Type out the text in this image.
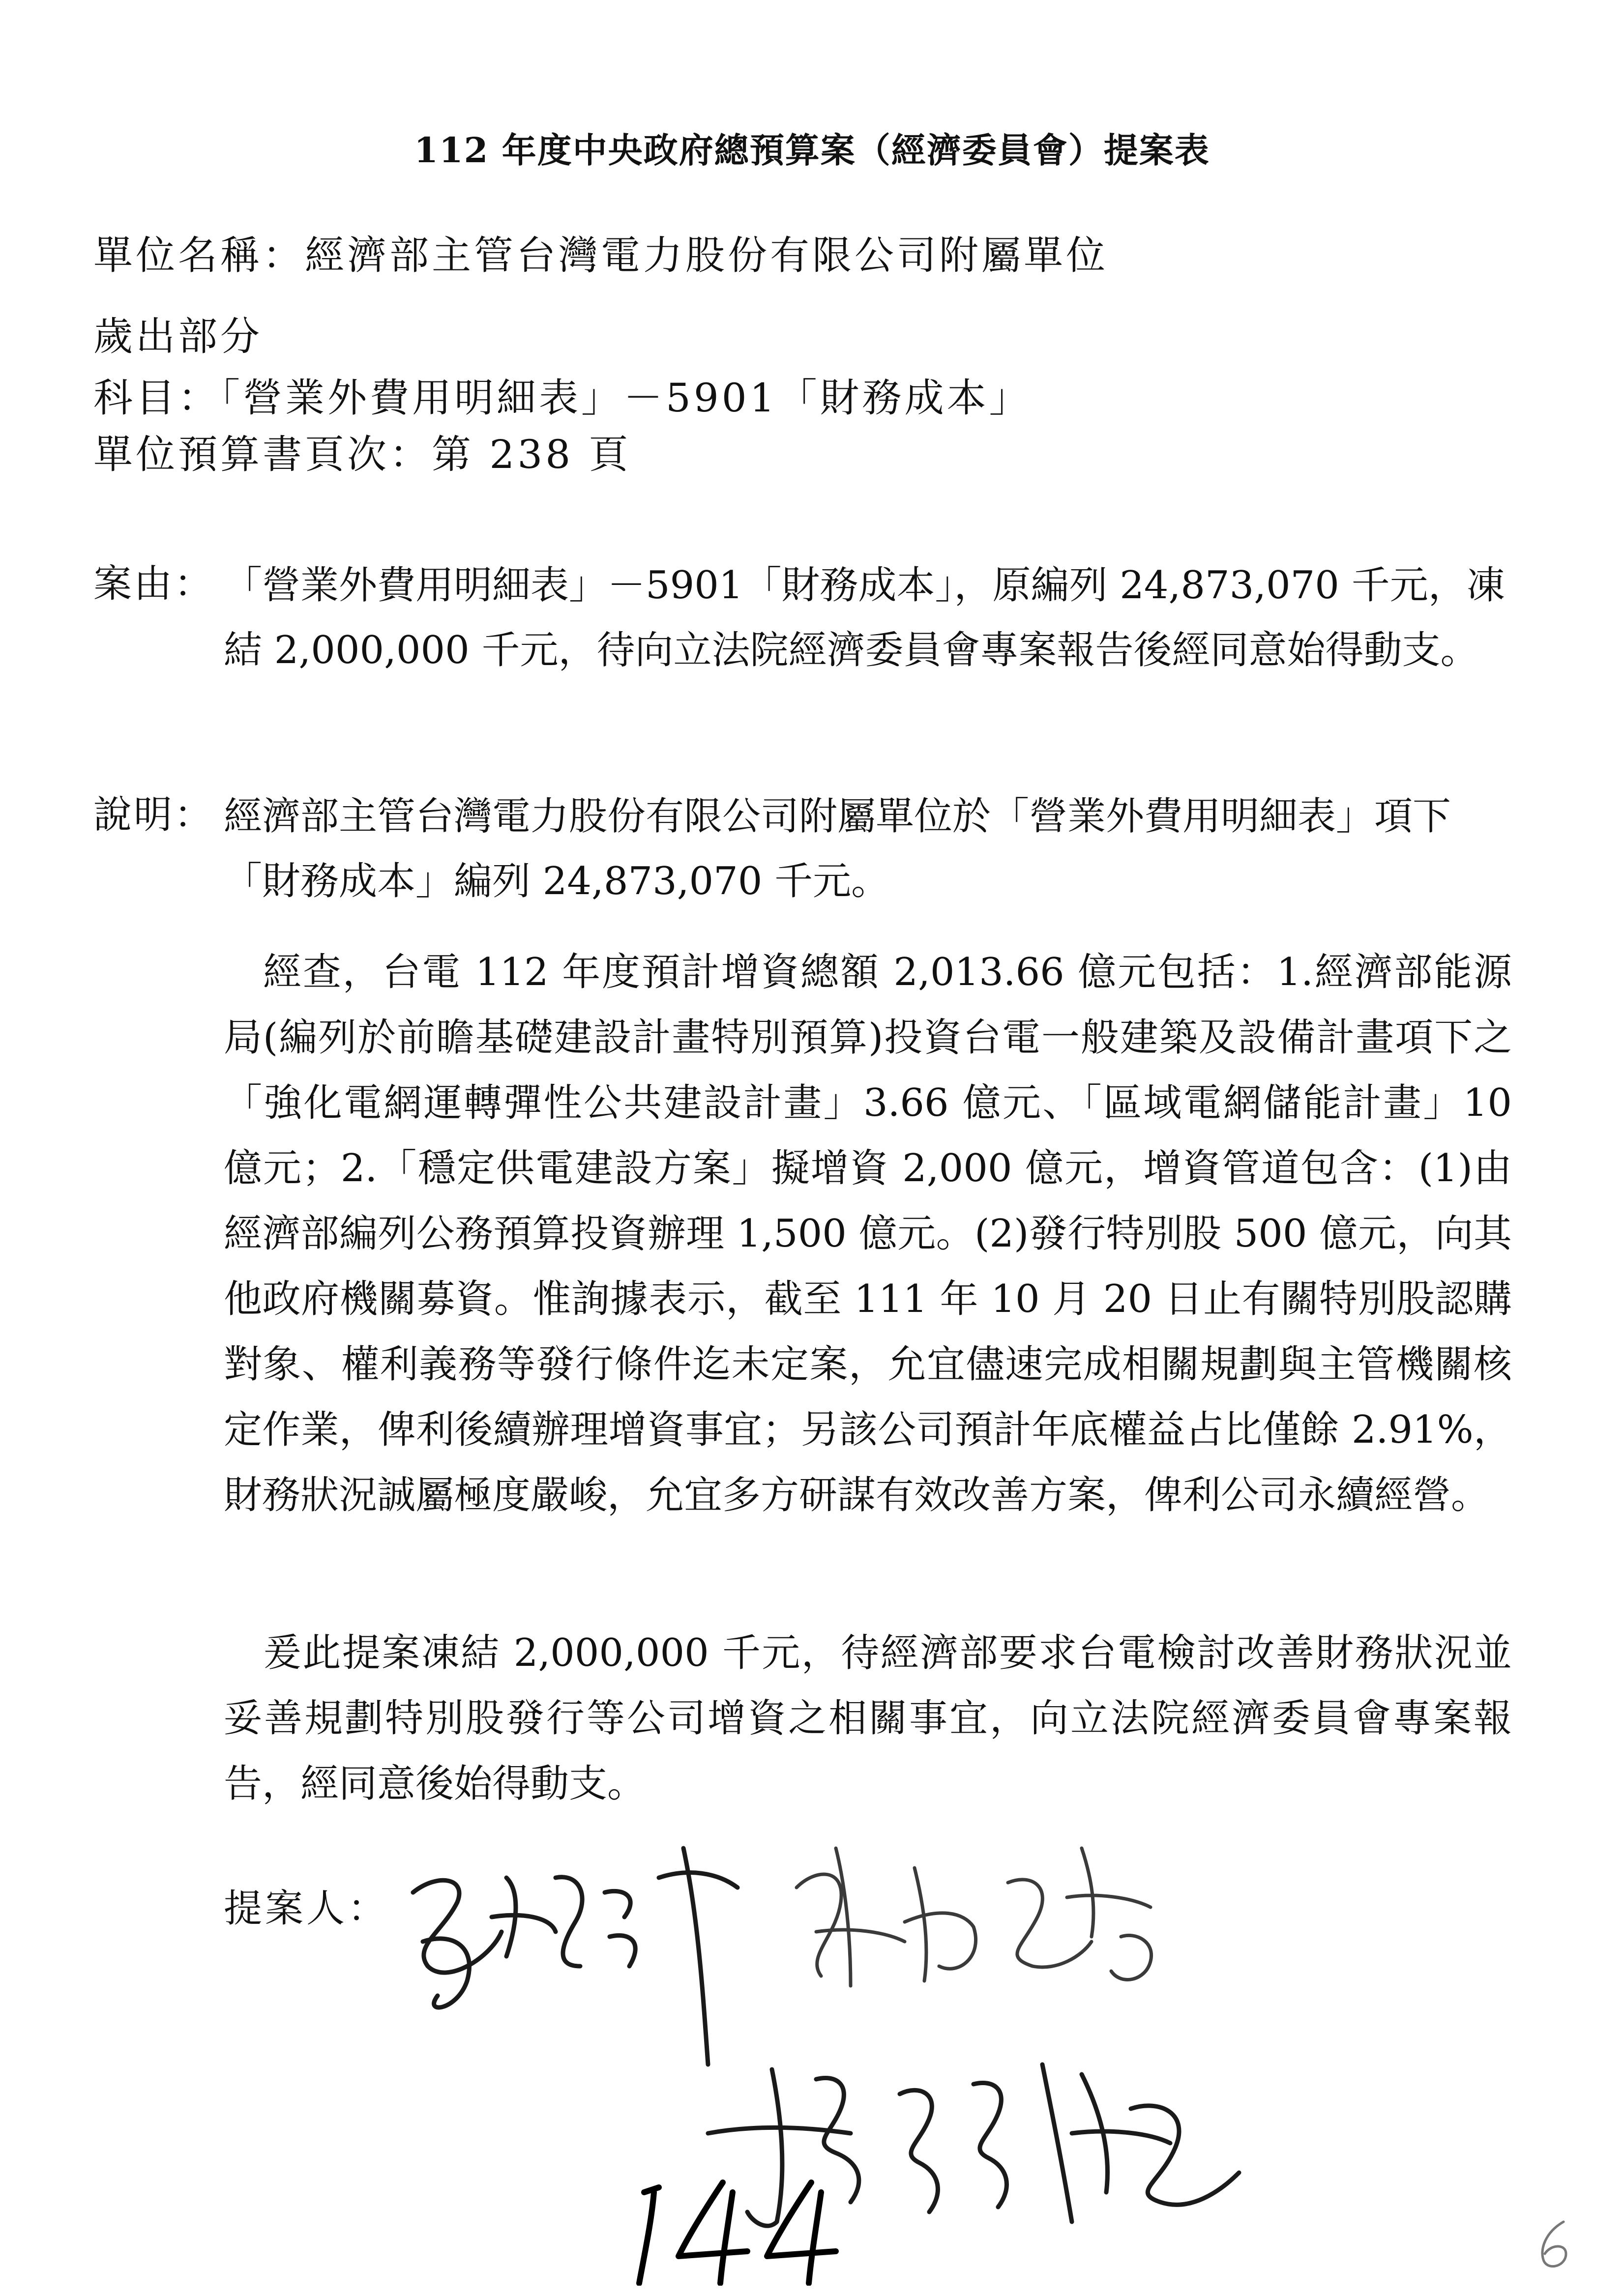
112 年度中央政府總預算案（經濟委員會）提案表
單位名稱：經濟部主管台灣電力股份有限公司附屬單位
歲出部分
科目：「營業外費用明細表」－5901「財務成本」
單位預算書頁次：第 238 頁
案由： 「營業外費用明細表」－5901「財務成本」，原編列 24,873,070 千元，凍結 2,000,000 千元，待向立法院經濟委員會專案報告後經同意始得動支。
說明： 經濟部主管台灣電力股份有限公司附屬單位於「營業外費用明細表」項下「財務成本」編列 24,873,070 千元。
經查，台電 112 年度預計增資總額 2,013.66 億元包括：1.經濟部能源局(編列於前瞻基礎建設計畫特別預算)投資台電一般建築及設備計畫項下之「強化電網運轉彈性公共建設計畫」3.66 億元、「區域電網儲能計畫」10 億元；2.「穩定供電建設方案」擬增資 2,000 億元，增資管道包含：(1)由經濟部編列公務預算投資辦理 1,500 億元。(2)發行特別股 500 億元，向其他政府機關募資。惟詢據表示，截至 111 年 10 月 20 日止有關特別股認購對象、權利義務等發行條件迄未定案，允宜儘速完成相關規劃與主管機關核定作業，俾利後續辦理增資事宜；另該公司預計年底權益占比僅餘 2.91%，財務狀況誠屬極度嚴峻，允宜多方研謀有效改善方案，俾利公司永續經營。
爰此提案凍結 2,000,000 千元，待經濟部要求台電檢討改善財務狀況並妥善規劃特別股發行等公司增資之相關事宜，向立法院經濟委員會專案報告，經同意後始得動支。
提案人：
